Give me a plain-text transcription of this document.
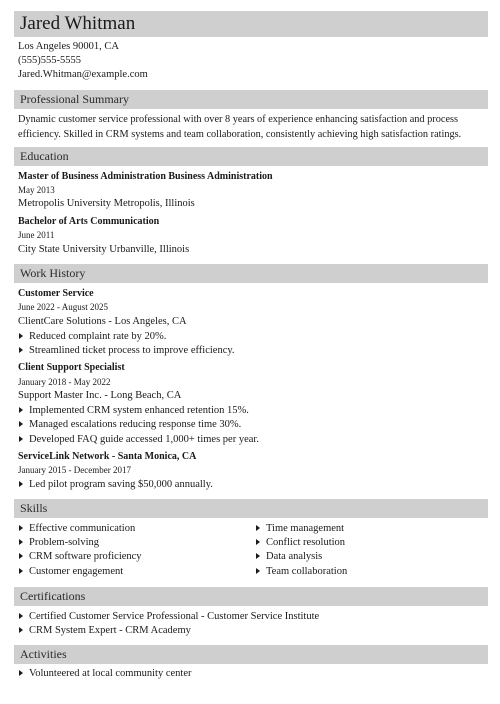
Jared Whitman
Los Angeles 90001, CA
(555)555-5555
Jared.Whitman@example.com
Professional Summary
Dynamic customer service professional with over 8 years of experience enhancing satisfaction and process efficiency. Skilled in CRM systems and team collaboration, consistently achieving high satisfaction ratings.
Education
Master of Business Administration Business Administration
May 2013
Metropolis University Metropolis, Illinois
Bachelor of Arts Communication
June 2011
City State University Urbanville, Illinois
Work History
Customer Service
June 2022 - August 2025
ClientCare Solutions - Los Angeles, CA
Reduced complaint rate by 20%.
Streamlined ticket process to improve efficiency.
Client Support Specialist
January 2018 - May 2022
Support Master Inc. - Long Beach, CA
Implemented CRM system enhanced retention 15%.
Managed escalations reducing response time 30%.
Developed FAQ guide accessed 1,000+ times per year.
ServiceLink Network - Santa Monica, CA
January 2015 - December 2017
Led pilot program saving $50,000 annually.
Skills
Effective communication
Problem-solving
CRM software proficiency
Customer engagement
Time management
Conflict resolution
Data analysis
Team collaboration
Certifications
Certified Customer Service Professional - Customer Service Institute
CRM System Expert - CRM Academy
Activities
Volunteered at local community center
